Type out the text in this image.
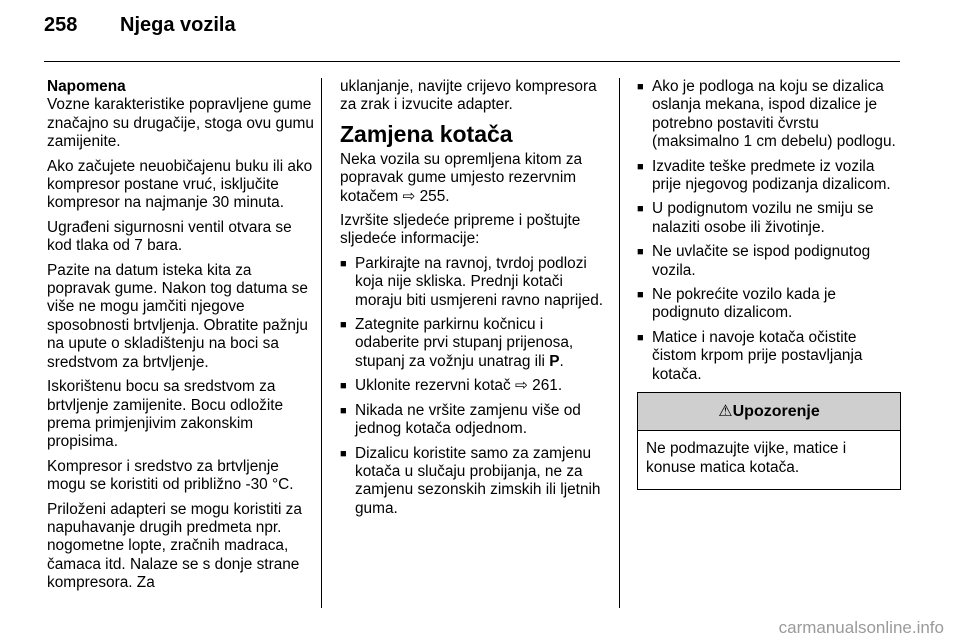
258 Njega vozila
Napomena

Vozne karakteristike popravljene gume značajno su drugačije, stoga ovu gumu zamijenite.

Ako začujete neuobičajenu buku ili ako kompresor postane vruć, isključite kompresor na najmanje 30 minuta.

Ugrađeni sigurnosni ventil otvara se kod tlaka od 7 bara.

Pazite na datum isteka kita za popravak gume. Nakon tog datuma se više ne mogu jamčiti njegove sposobnosti brtvljenja. Obratite pažnju na upute o skladištenju na boci sa sredstvom za brtvljenje.

Iskorištenu bocu sa sredstvom za brtvljenje zamijenite. Bocu odložite prema primjenjivim zakonskim propisima.

Kompresor i sredstvo za brtvljenje mogu se koristiti od približno -30 °C.

Priloženi adapteri se mogu koristiti za napuhavanje drugih predmeta npr. nogometne lopte, zračnih madraca, čamaca itd. Nalaze se s donje strane kompresora. Za

uklanjanje, navijte crijevo kompresora za zrak i izvucite adapter.

Zamjena kotača

Neka vozila su opremljena kitom za popravak gume umjesto rezervnim kotačem ⇨ 255.

Izvršite sljedeće pripreme i poštujte sljedeće informacije:

■ Parkirajte na ravnoj, tvrdoj podlozi koja nije skliska. Prednji kotači moraju biti usmjereni ravno naprijed.
■ Zategnite parkirnu kočnicu i odaberite prvi stupanj prijenosa, stupanj za vožnju unatrag ili P.
■ Uklonite rezervni kotač ⇨ 261.
■ Nikada ne vršite zamjenu više od jednog kotača odjednom.
■ Dizalicu koristite samo za zamjenu kotača u slučaju probijanja, ne za zamjenu sezonskih zimskih ili ljetnih guma.
■ Ako je podloga na koju se dizalica oslanja mekana, ispod dizalice je potrebno postaviti čvrstu (maksimalno 1 cm debelu) podlogu.
■ Izvadite teške predmete iz vozila prije njegovog podizanja dizalicom.
■ U podignutom vozilu ne smiju se nalaziti osobe ili životinje.
■ Ne uvlačite se ispod podignutog vozila.
■ Ne pokrećite vozilo kada je podignuto dizalicom.
■ Matice i navoje kotača očistite čistom krpom prije postavljanja kotača.
⚠Upozorenje
Ne podmazujte vijke, matice i konuse matica kotača.
carmanualsonline.info
